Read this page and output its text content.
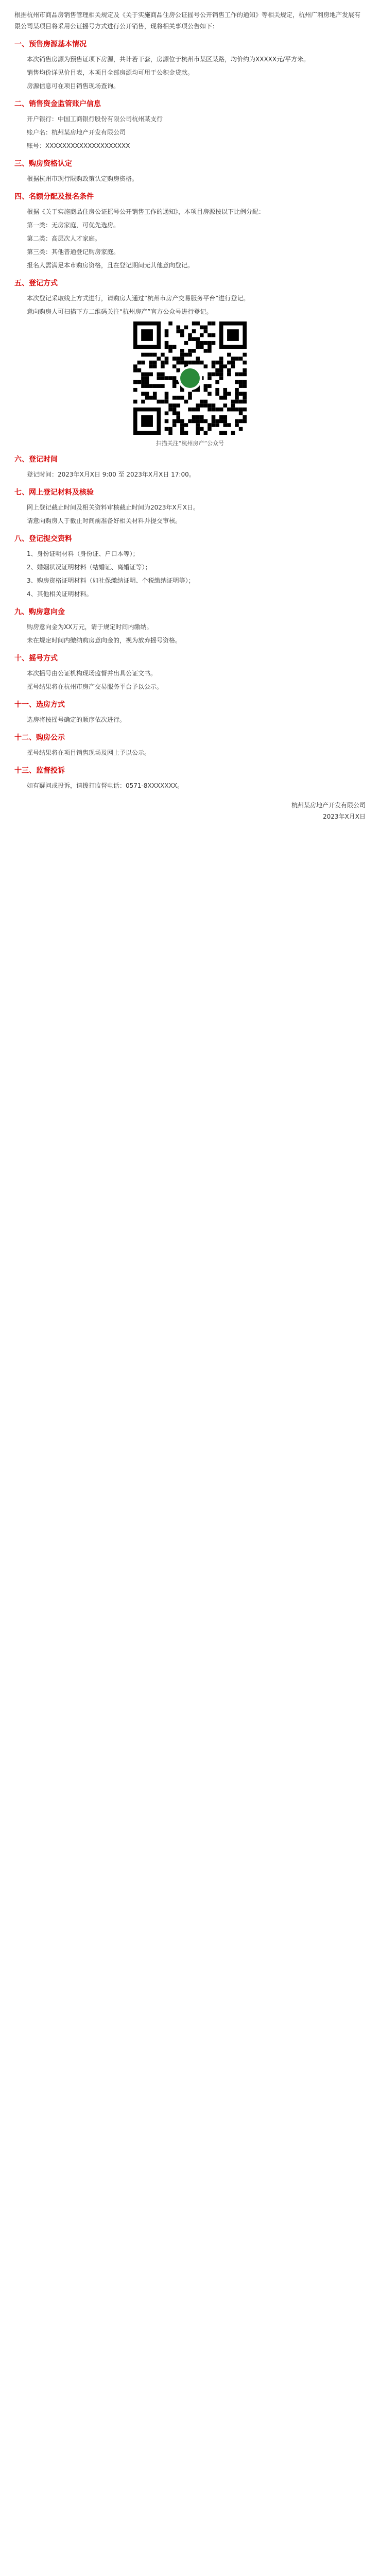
根据杭州市商品房销售管理相关规定及《关于实施商品住房公证摇号公开销售工作的通知》等相关规定，杭州广利房地产发展有限公司某项目将采用公证摇号方式进行公开销售，现将相关事项公告如下：

一、预售房源基本情况

本次销售房源为预售证项下房源，共计若干套，房源位于杭州市某区某路，均价约为XXXXX元/平方米。

销售均价详见价目表，本项目全部房源均可用于公积金贷款。

房源信息可在项目销售现场查询。

二、销售资金监管账户信息

开户银行：中国工商银行股份有限公司杭州某支行

账户名：杭州某房地产开发有限公司

账号：XXXXXXXXXXXXXXXXXXXX

三、购房资格认定

根据杭州市现行限购政策认定购房资格。

四、名额分配及报名条件

根据《关于实施商品住房公证摇号公开销售工作的通知》，本项目房源按以下比例分配：

第一类：无房家庭，可优先选房。

第二类：高层次人才家庭。

第三类：其他普通登记购房家庭。

报名人需满足本市购房资格，且在登记期间无其他意向登记。

五、登记方式

本次登记采取线上方式进行，请购房人通过“杭州市房产交易服务平台”进行登记。

意向购房人可扫描下方二维码关注“杭州房产”官方公众号进行登记。

扫描关注“杭州房产”公众号
六、登记时间

登记时间：2023年X月X日 9:00 至 2023年X月X日 17:00。

七、网上登记材料及核验

网上登记截止时间及相关资料审核截止时间为2023年X月X日。

请意向购房人于截止时间前准备好相关材料并提交审核。

八、登记提交资料

1、身份证明材料（身份证、户口本等）；

2、婚姻状况证明材料（结婚证、离婚证等）；

3、购房资格证明材料（如社保缴纳证明、个税缴纳证明等）；

4、其他相关证明材料。

九、购房意向金

购房意向金为XX万元，请于规定时间内缴纳。

未在规定时间内缴纳购房意向金的，视为放弃摇号资格。

十、摇号方式

本次摇号由公证机构现场监督并出具公证文书。

摇号结果将在杭州市房产交易服务平台予以公示。

十一、选房方式

选房将按摇号确定的顺序依次进行。

十二、购房公示

摇号结果将在项目销售现场及网上予以公示。

十三、监督投诉

如有疑问或投诉，请拨打监督电话：0571-8XXXXXXX。

杭州某房地产开发有限公司
2023年X月X日
